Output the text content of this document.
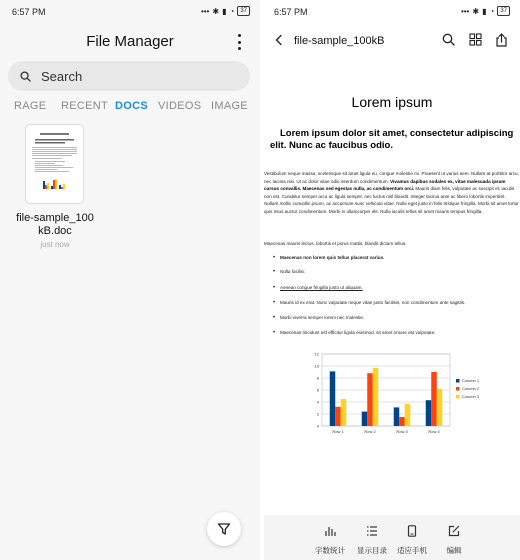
6:57 PM	••• ✱ ▮ ◔	37
File Manager
Search
RAGE RECENT DOCS VIDEOS IMAGE
file-sample_100kB.doc
just now
6:57 PM	••• ✱ ▮ ◔	37
file-sample_100kB
Lorem ipsum
Lorem ipsum dolor sit amet, consectetur adipiscing elit. Nunc ac faucibus odio.
Vestibulum neque massa, scelerisque sit amet ligula eu, congue molestie mi. Praesent ut varius sem. Nullam at porttitor arcu, nec lacinia nisi. Ut ac dolor vitae odio interdum condimentum. Vivamus dapibus sodales ex, vitae malesuada ipsum cursus convallis. Maecenas sed egestas nulla, ac condimentum orci. Mauris diam felis, vulputate ac suscipit et, iaculis non est. Curabitur semper arcu ac ligula semper, nec luctus nisl blandit. Integer lacinia ante ac libero lobortis imperdiet. Nullam mollis convallis ipsum, ac accumsan nunc vehicula vitae. Nulla eget justo in felis tristique fringilla. Morbi sit amet tortor quis risus auctor condimentum. Morbi in ullamcorper elit. Nulla iaculis tellus sit amet mauris tempus fringilla.
Maecenas mauris lectus, lobortis et purus mattis, blandit dictum tellus.
• Maecenas non lorem quis tellus placerat varius.
• Nulla facilisi.
• Aenean congue fringilla justo ut aliquam.
• Mauris id ex erat. Nunc vulputate neque vitae justo facilisis, non condimentum ante sagittis.
• Morbi viverra semper lorem nec molestie.
• Maecenas tincidunt est efficitur ligula euismod, sit amet ornare est vulputate.
0
2
4
6
8
10
12
Row 1	Row 2	Row 3	Row 4
Column 1
Column 2
Column 3
字数统计	显示目录	适应手机	编辑
